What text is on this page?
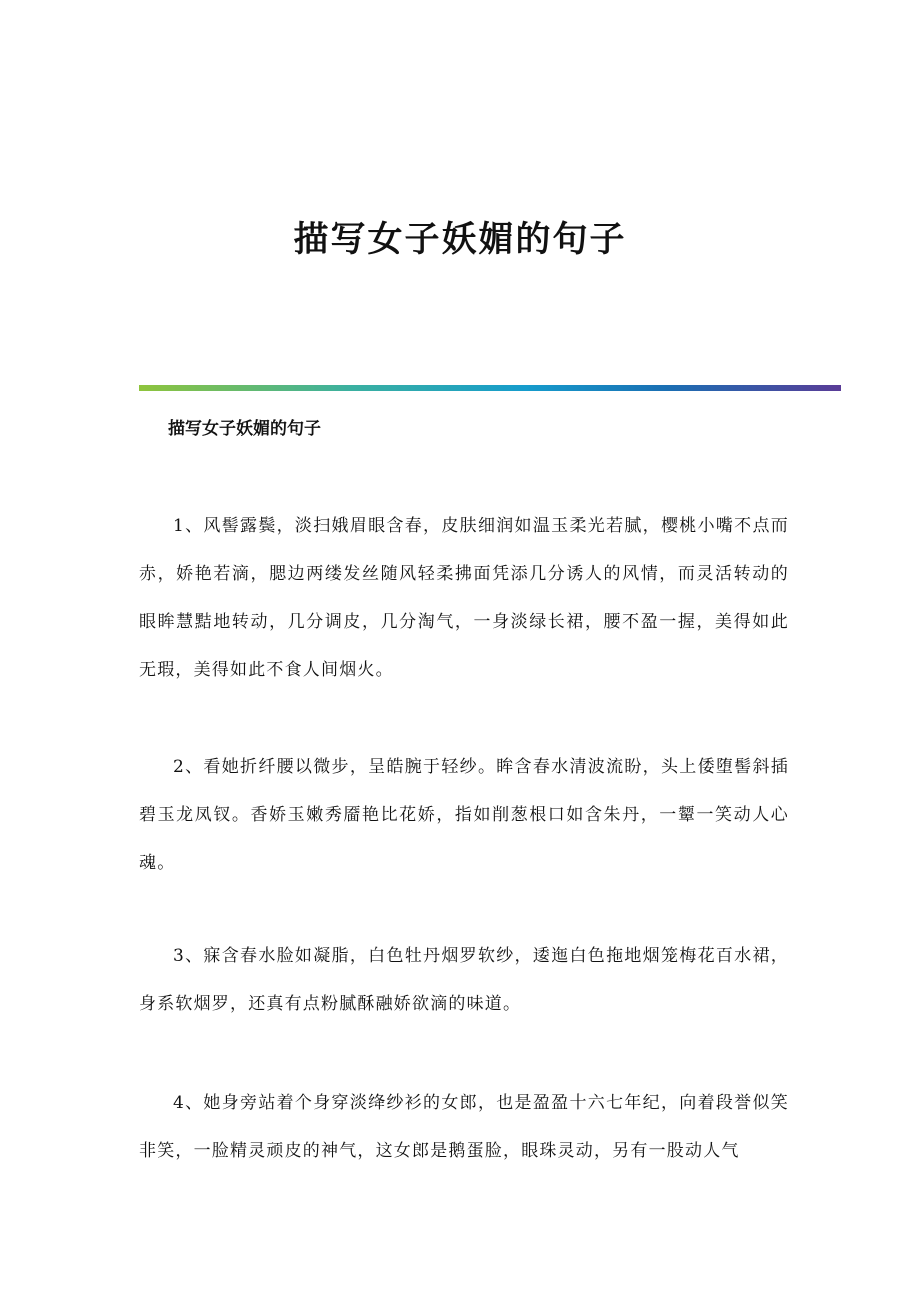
描写女子妖媚的句子
描写女子妖媚的句子

1、风髻露鬓，淡扫娥眉眼含春，皮肤细润如温玉柔光若腻，樱桃小嘴不点而赤，娇艳若滴，腮边两缕发丝随风轻柔拂面凭添几分诱人的风情，而灵活转动的眼眸慧黠地转动，几分调皮，几分淘气，一身淡绿长裙，腰不盈一握，美得如此无瑕，美得如此不食人间烟火。

2、看她折纤腰以微步，呈皓腕于轻纱。眸含春水清波流盼，头上倭堕髻斜插碧玉龙凤钗。香娇玉嫩秀靥艳比花娇，指如削葱根口如含朱丹，一颦一笑动人心魂。

3、寐含春水脸如凝脂，白色牡丹烟罗软纱，逶迤白色拖地烟笼梅花百水裙，身系软烟罗，还真有点粉腻酥融娇欲滴的味道。

4、她身旁站着个身穿淡绛纱衫的女郎，也是盈盈十六七年纪，向着段誉似笑非笑，一脸精灵顽皮的神气，这女郎是鹅蛋脸，眼珠灵动，另有一股动人气
